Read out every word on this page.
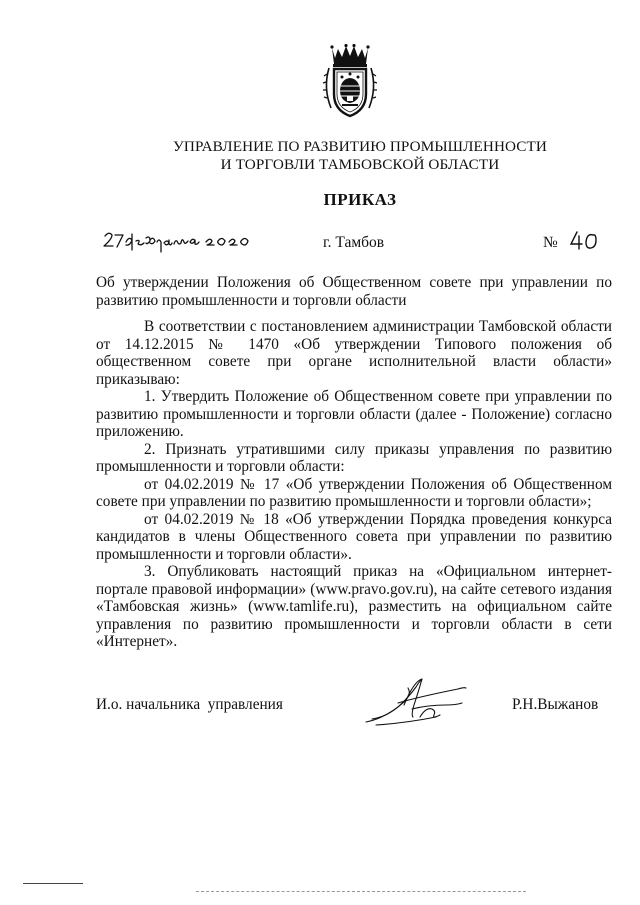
УПРАВЛЕНИЕ ПО РАЗВИТИЮ ПРОМЫШЛЕННОСТИ
И ТОРГОВЛИ ТАМБОВСКОЙ ОБЛАСТИ
ПРИКАЗ
г. Тамбов	№
Об утверждении Положения об Общественном совете при управлении по развитию промышленности и торговли области

В соответствии с постановлением администрации Тамбовской области от 14.12.2015 № 1470 «Об утверждении Типового положения об общественном совете при органе исполнительной власти области» приказываю:

1. Утвердить Положение об Общественном совете при управлении по развитию промышленности и торговли области (далее - Положение) согласно приложению.

2. Признать утратившими силу приказы управления по развитию промышленности и торговли области:

от 04.02.2019 № 17 «Об утверждении Положения об Общественном совете при управлении по развитию промышленности и торговли области»;

от 04.02.2019 № 18 «Об утверждении Порядка проведения конкурса кандидатов в члены Общественного совета при управлении по развитию промышленности и торговли области».

3. Опубликовать настоящий приказ на «Официальном интернет-портале правовой информации» (www.pravo.gov.ru), на сайте сетевого издания «Тамбовская жизнь» (www.tamlife.ru), разместить на официальном сайте управления по развитию промышленности и торговли области в сети «Интернет».

И.о. начальника  управления	Р.Н.Выжанов
